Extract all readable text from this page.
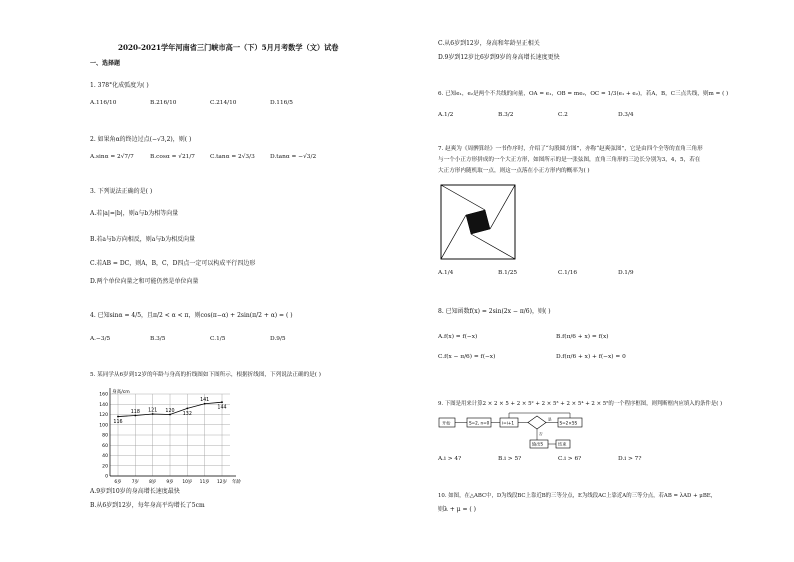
2020-2021学年河南省三门峡市高一（下）5月月考数学（文）试卷
一、选择题
1. 378°化成弧度为( )
A.116/10	B.216/10	C.214/10	D.116/5
2. 如果角α的终边过点(−√3,2)，则( )
A.sinα = 2√7/7	B.cosα = √21/7	C.tanα = 2√3/3	D.tanα = −√3/2
3. 下列说法正确的是( )
A.若|a|=|b|，则a与b为相等向量
B.若a与b方向相反，则a与b为相反向量
C.若AB = DC，则A，B，C，D四点一定可以构成平行四边形
D.两个单位向量之和可能仍然是单位向量
4. 已知sinα = 4/5，且π/2 < α < π，则cos(π−α) + 2sin(π/2 + α) = ( )
A.−3/5	B.3/5	C.1/5	D.9/5
5. 某同学从6岁到12岁的年龄与身高的折线图如下图所示，根据折线图，下列说法正确的是( )
0
20
40
60
80
100
120
140
160
身高/cm
年龄
6岁 7岁 8岁 9岁 10岁 11岁 12岁
116
118 121 120
132
141
144
A.9岁到10岁的身高增长速度最快
B.从6岁到12岁，每年身高平均增长了5cm
C.从6岁到12岁，身高和年龄呈正相关
D.9岁到12岁比6岁到9岁的身高增长速度更快
6. 已知e₁，e₂是两个不共线的向量，OA = e₁，OB = me₂，OC = 1/3(e₁ + e₂)，若A，B，C三点共线，则m = ( )
A.1/2	B.3/2	C.2	D.3/4
7. 赵爽为《周髀算经》一书作序时，介绍了“勾股圆方图”，亦称“赵爽弦图”，它是由四个全等的直角三角形
与一个小正方形拼成的一个大正方形，如图所示的是一张弦图，直角三角形的三边长分别为3，4，5，若在
大正方形内随机取一点，则这一点落在小正方形内的概率为( )
A.1/4	B.1/25	C.1/16	D.1/9
8. 已知函数f(x) = 2sin(2x − π/6)，则( )
A.f(x) = f(−x)	B.f(π/6 + x) = f(x)
C.f(x − π/6) = f(−x)	D.f(π/6 + x) + f(−x) = 0
9. 下图是用来计算2 × 2 × 5 + 2 × 5² + 2 × 5³ + 2 × 5⁴ + 2 × 5⁵的一个程序框图，则判断框内应填入的条件是( )
开始	S=2, n=0	i=i+1
是
S=2×5S
否
输出S	结束
A.i > 4?	B.i > 5?	C.i > 6?	D.i > 7?
10. 如图，在△ABC中，D为线段BC上靠近B的三等分点，E为线段AC上靠近A的三等分点，若AB = λAD + μBE，
则λ + μ = ( )
